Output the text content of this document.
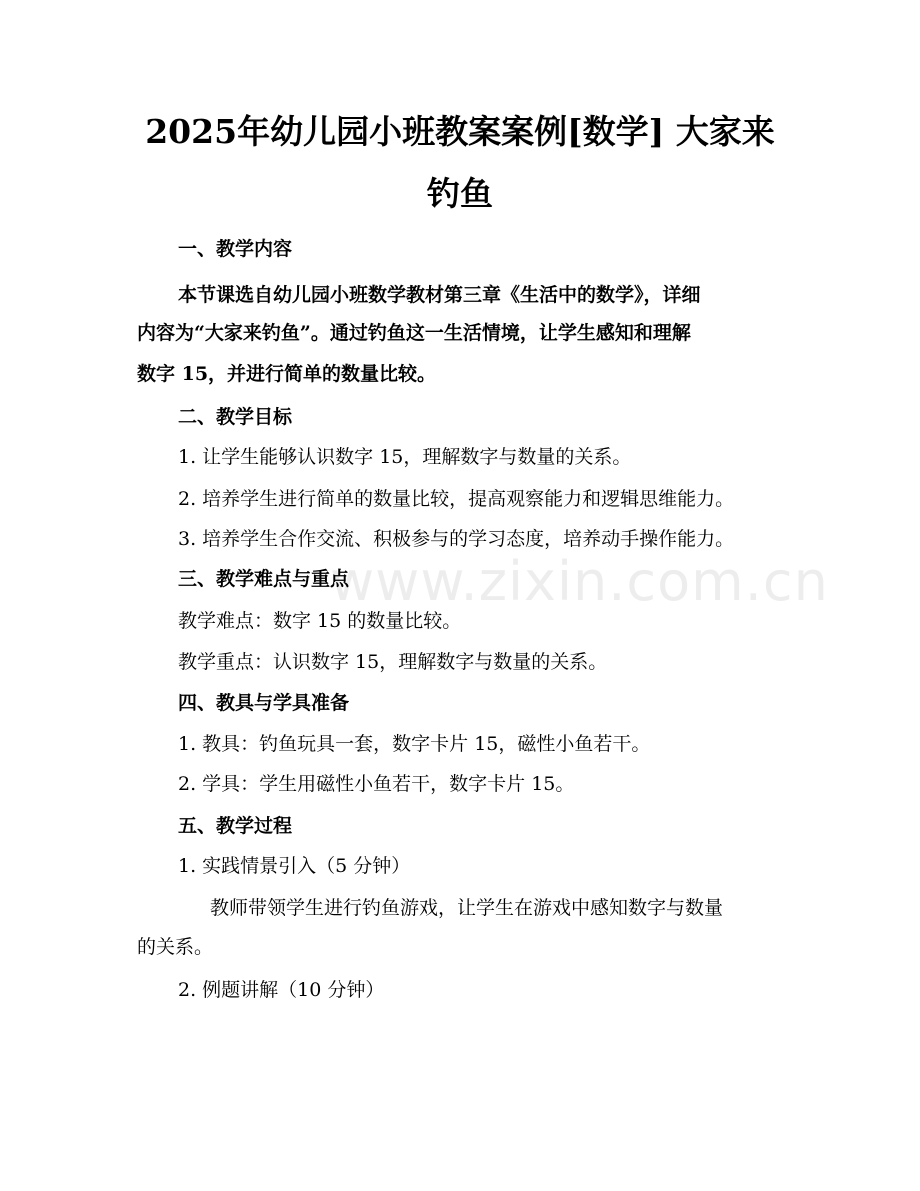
2025年幼儿园小班教案案例[数学] 大家来
钓鱼

一、教学内容

本节课选自幼儿园小班数学教材第三章《生活中的数学》，详细

内容为“大家来钓鱼”。通过钓鱼这一生活情境，让学生感知和理解

数字 15，并进行简单的数量比较。

二、教学目标

1. 让学生能够认识数字 15，理解数字与数量的关系。

2. 培养学生进行简单的数量比较，提高观察能力和逻辑思维能力。

3. 培养学生合作交流、积极参与的学习态度，培养动手操作能力。

三、教学难点与重点

教学难点：数字 15 的数量比较。

教学重点：认识数字 15，理解数字与数量的关系。

四、教具与学具准备

1. 教具：钓鱼玩具一套，数字卡片 15，磁性小鱼若干。

2. 学具：学生用磁性小鱼若干，数字卡片 15。

五、教学过程

1. 实践情景引入（5 分钟）

教师带领学生进行钓鱼游戏，让学生在游戏中感知数字与数量

的关系。

2. 例题讲解（10 分钟）

www.zixin.com.cn
